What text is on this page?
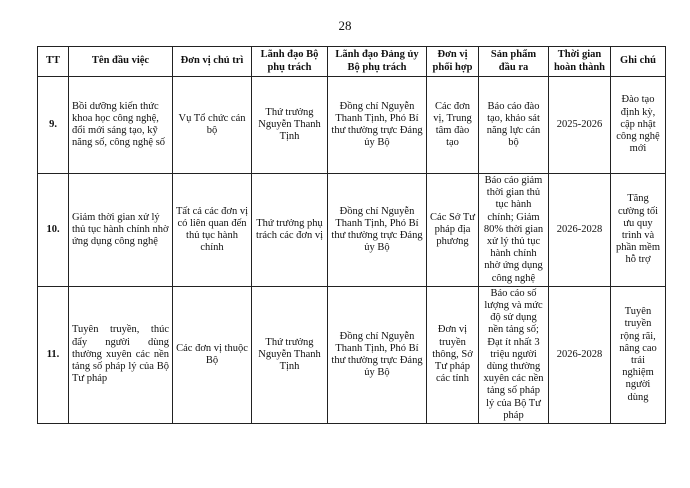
28
TT	Tên đầu việc	Đơn vị chủ trì	Lãnh đạo Bộ phụ trách	Lãnh đạo Đảng ủy Bộ phụ trách	Đơn vị phối hợp	Sản phẩm đầu ra	Thời gian hoàn thành	Ghi chú
9.	Bồi dưỡng kiến thức khoa học công nghệ, đổi mới sáng tạo, kỹ năng số, công nghệ số	Vụ Tổ chức cán bộ	Thứ trưởng Nguyễn Thanh Tịnh	Đồng chí Nguyễn Thanh Tịnh, Phó Bí thư thường trực Đảng ủy Bộ	Các đơn vị, Trung tâm đào tạo	Báo cáo đào tạo, khảo sát năng lực cán bộ	2025-2026	Đào tạo định kỳ, cập nhật công nghệ mới
10.	Giảm thời gian xử lý thủ tục hành chính nhờ ứng dụng công nghệ	Tất cả các đơn vị có liên quan đến thủ tục hành chính	Thứ trưởng phụ trách các đơn vị	Đồng chí Nguyễn Thanh Tịnh, Phó Bí thư thường trực Đảng ủy Bộ	Các Sở Tư pháp địa phương	Báo cáo giảm thời gian thủ tục hành chính; Giảm 80% thời gian xử lý thủ tục hành chính nhờ ứng dụng công nghệ	2026-2028	Tăng cường tối ưu quy trình và phần mềm hỗ trợ
11.	Tuyên truyền, thúc đẩy người dùng thường xuyên các nền tảng số pháp lý của Bộ Tư pháp	Các đơn vị thuộc Bộ	Thứ trưởng Nguyễn Thanh Tịnh	Đồng chí Nguyễn Thanh Tịnh, Phó Bí thư thường trực Đảng ủy Bộ	Đơn vị truyền thông, Sở Tư pháp các tỉnh	Báo cáo số lượng và mức độ sử dụng nền tảng số; Đạt ít nhất 3 triệu người dùng thường xuyên các nền tảng số pháp lý của Bộ Tư pháp	2026-2028	Tuyên truyền rộng rãi, nâng cao trải nghiệm người dùng
